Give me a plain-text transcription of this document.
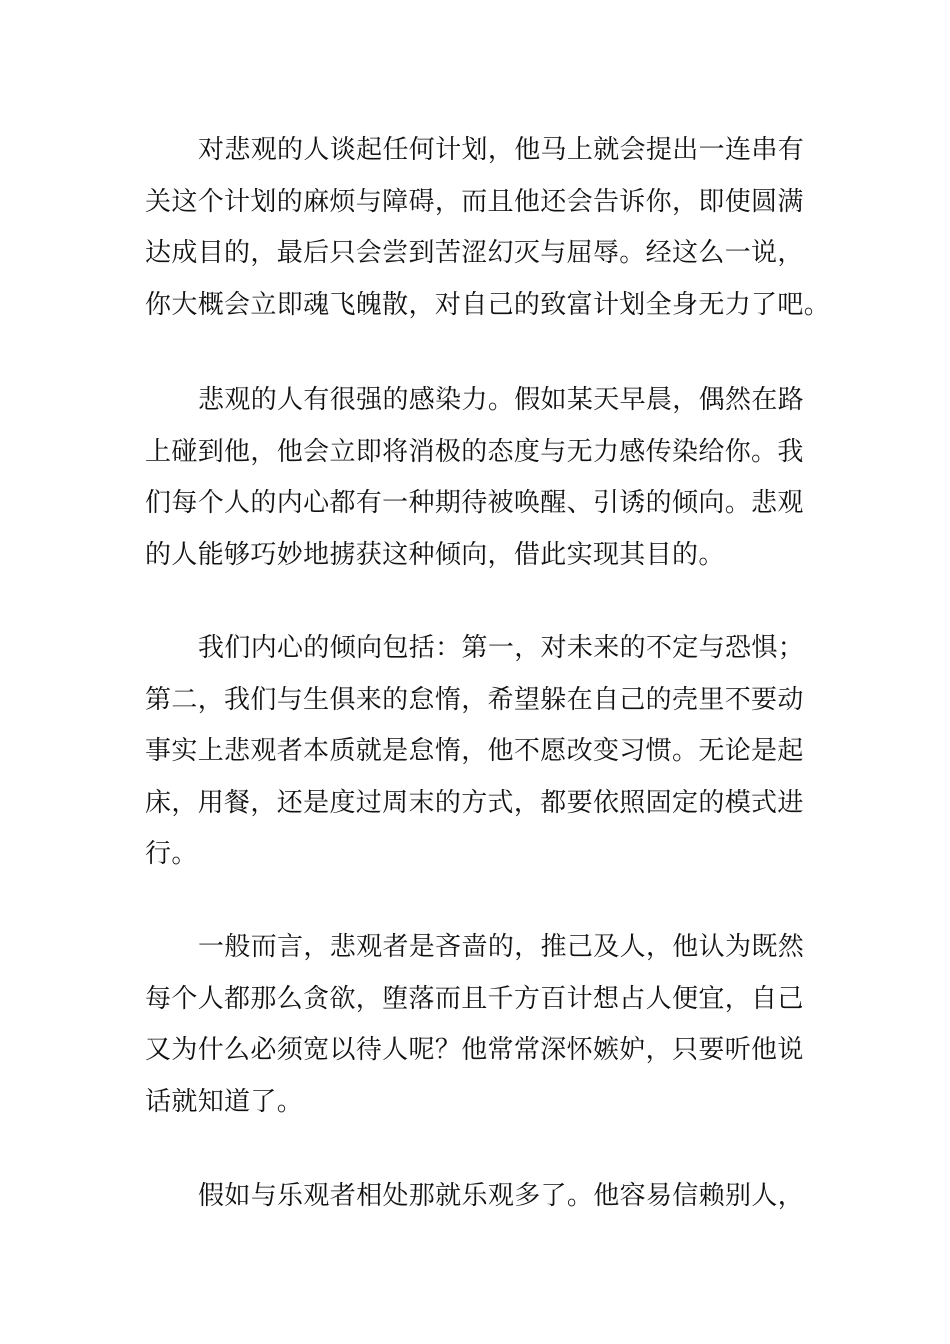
对悲观的人谈起任何计划，他马上就会提出一连串有
关这个计划的麻烦与障碍，而且他还会告诉你，即使圆满
达成目的，最后只会尝到苦涩幻灭与屈辱。经这么一说，
你大概会立即魂飞魄散，对自己的致富计划全身无力了吧。
悲观的人有很强的感染力。假如某天早晨，偶然在路
上碰到他，他会立即将消极的态度与无力感传染给你。我
们每个人的内心都有一种期待被唤醒、引诱的倾向。悲观
的人能够巧妙地掳获这种倾向，借此实现其目的。
我们内心的倾向包括：第一，对未来的不定与恐惧；
第二，我们与生俱来的怠惰，希望躲在自己的壳里不要动
事实上悲观者本质就是怠惰，他不愿改变习惯。无论是起
床，用餐，还是度过周末的方式，都要依照固定的模式进
行。
一般而言，悲观者是吝啬的，推己及人，他认为既然
每个人都那么贪欲，堕落而且千方百计想占人便宜，自己
又为什么必须宽以待人呢？他常常深怀嫉妒，只要听他说
话就知道了。
假如与乐观者相处那就乐观多了。他容易信赖别人，
